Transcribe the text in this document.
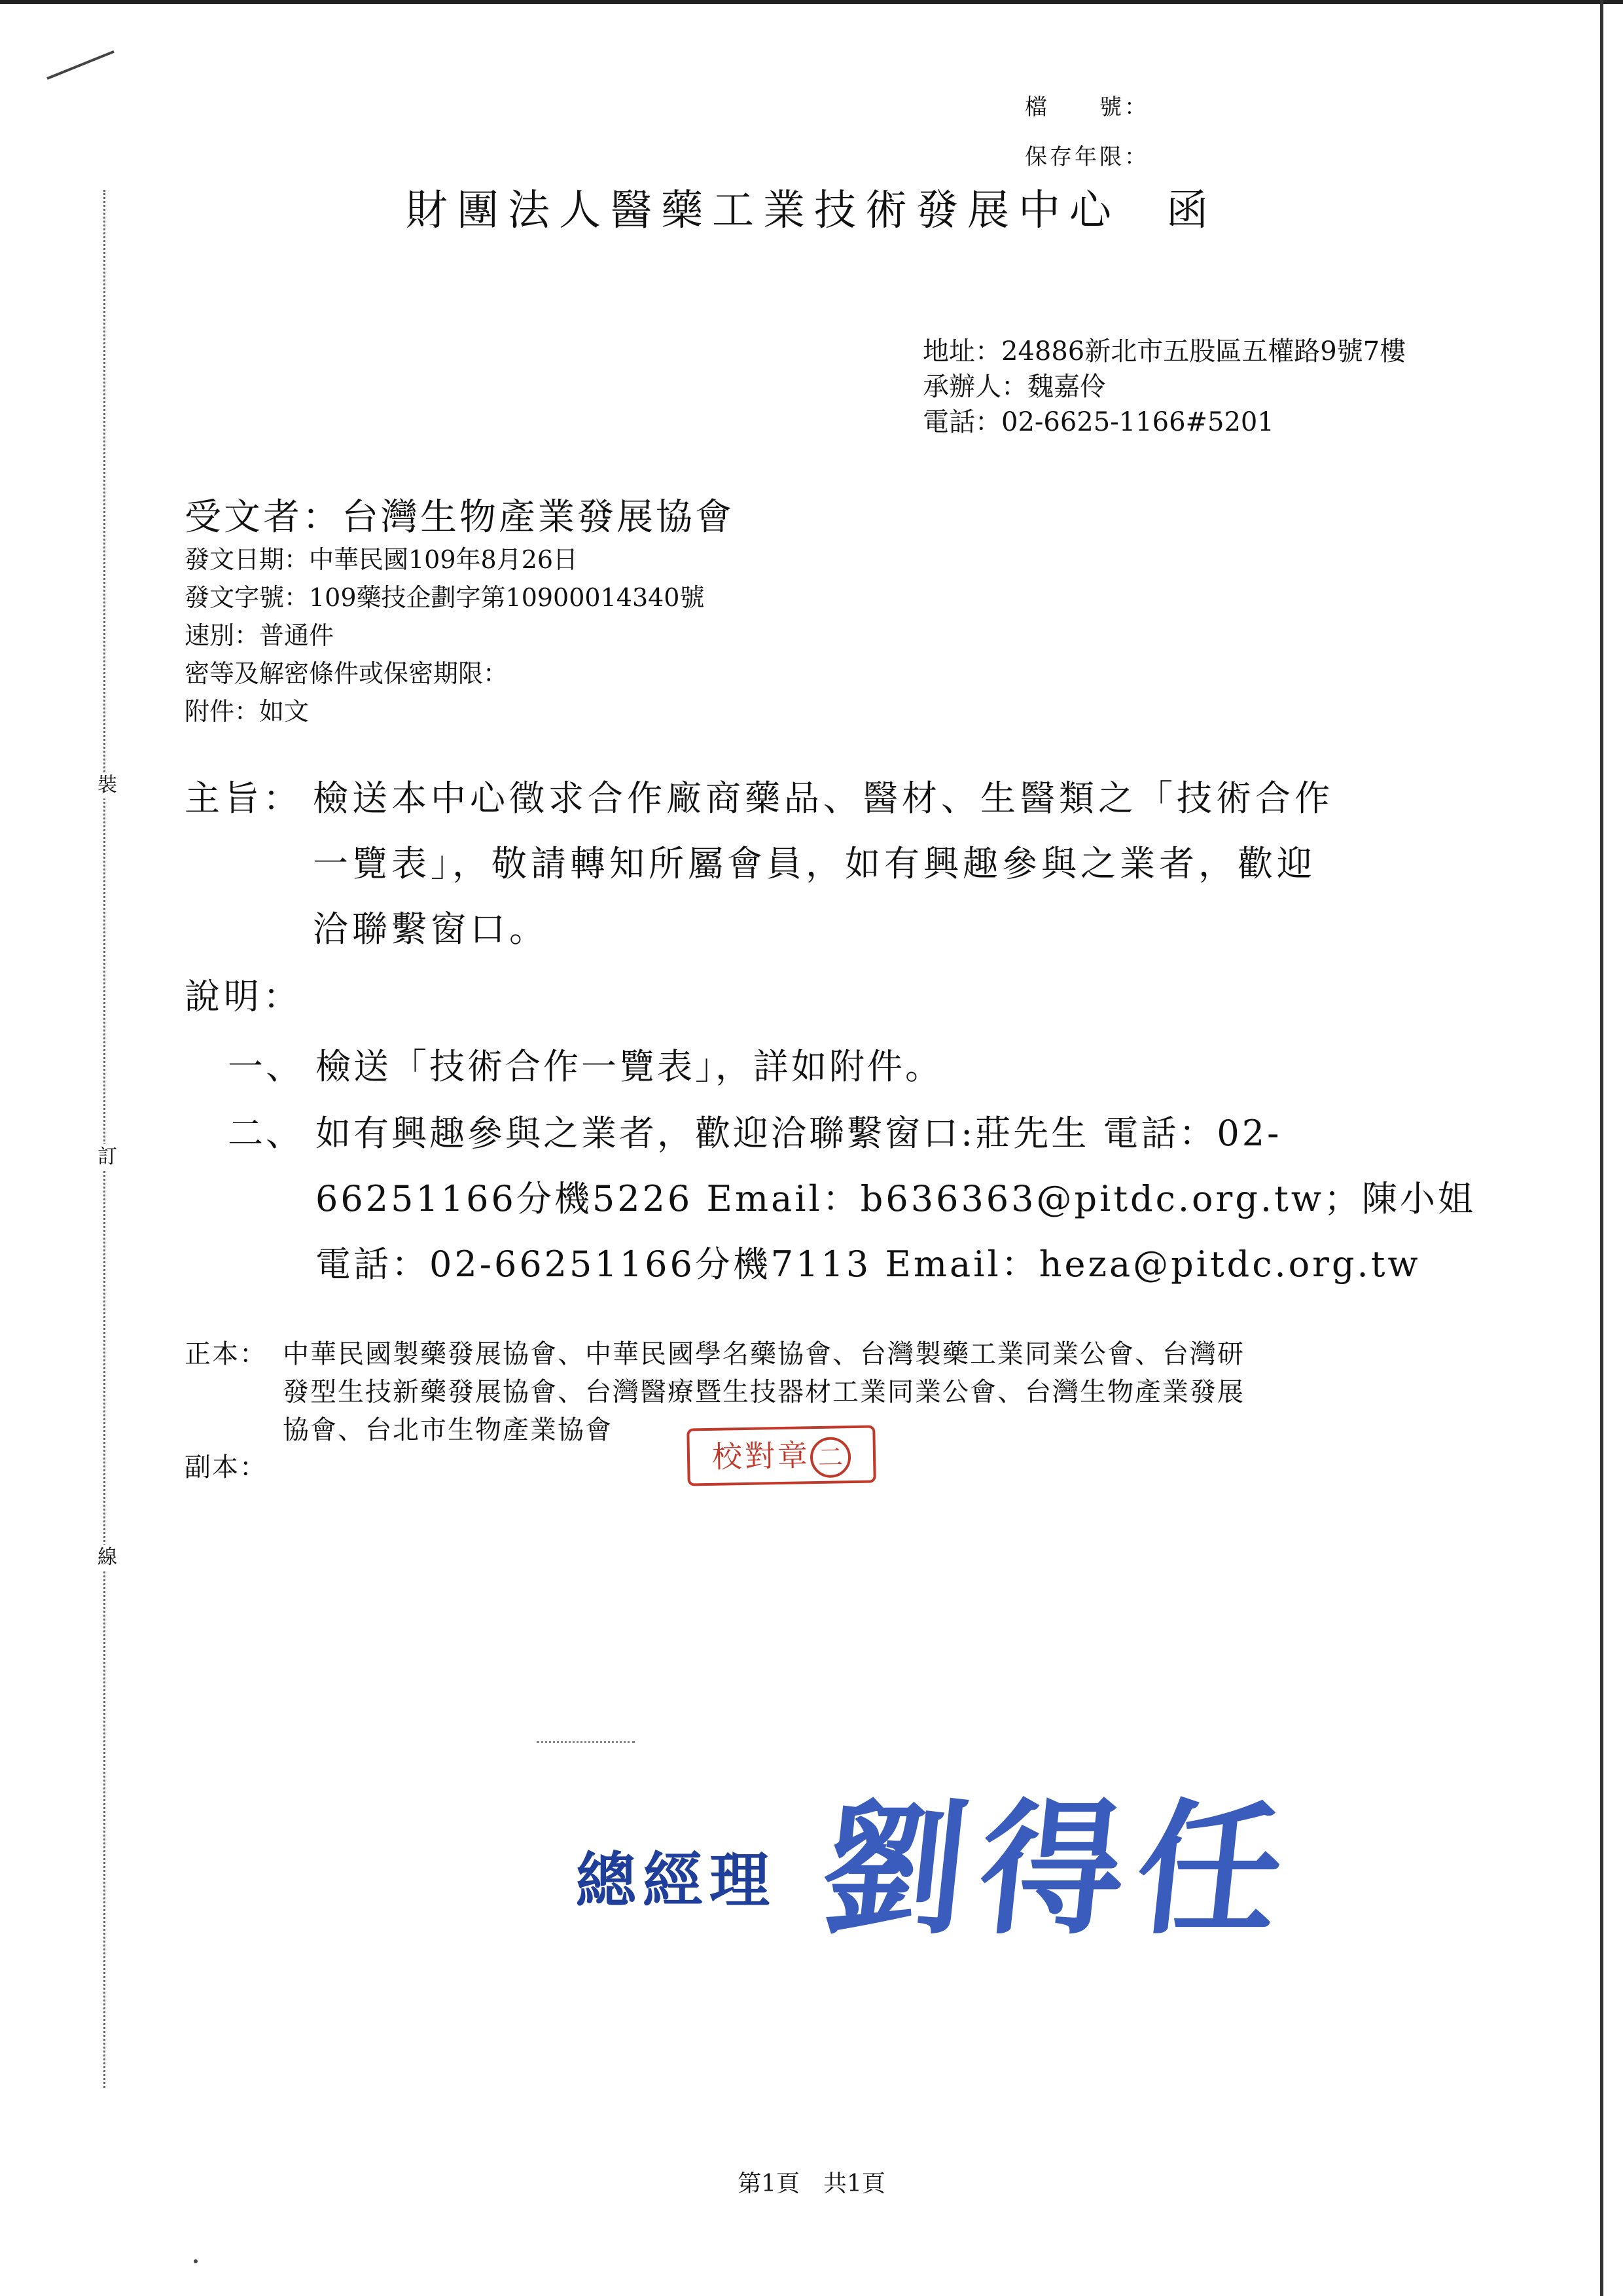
裝
訂
線
檔　　號：
保存年限：
財團法人醫藥工業技術發展中心 函
地址：24886新北市五股區五權路9號7樓
承辦人：魏嘉伶
電話：02-6625-1166#5201
受文者：台灣生物產業發展協會
發文日期：中華民國109年8月26日
發文字號：109藥技企劃字第10900014340號
速別：普通件
密等及解密條件或保密期限：
附件：如文
主旨： 檢送本中心徵求合作廠商藥品、醫材、生醫類之「技術合作
一覽表」，敬請轉知所屬會員，如有興趣參與之業者，歡迎
洽聯繫窗口。
說明：
一、 檢送「技術合作一覽表」，詳如附件。
二、 如有興趣參與之業者，歡迎洽聯繫窗口:莊先生 電話：02-
66251166分機5226 Email：b636363@pitdc.org.tw；陳小姐
電話：02-66251166分機7113 Email：heza@pitdc.org.tw
正本： 中華民國製藥發展協會、中華民國學名藥協會、台灣製藥工業同業公會、台灣研
發型生技新藥發展協會、台灣醫療暨生技器材工業同業公會、台灣生物產業發展
協會、台北市生物產業協會
副本：	校對章 二
總經理 劉得任
第1頁　共1頁
